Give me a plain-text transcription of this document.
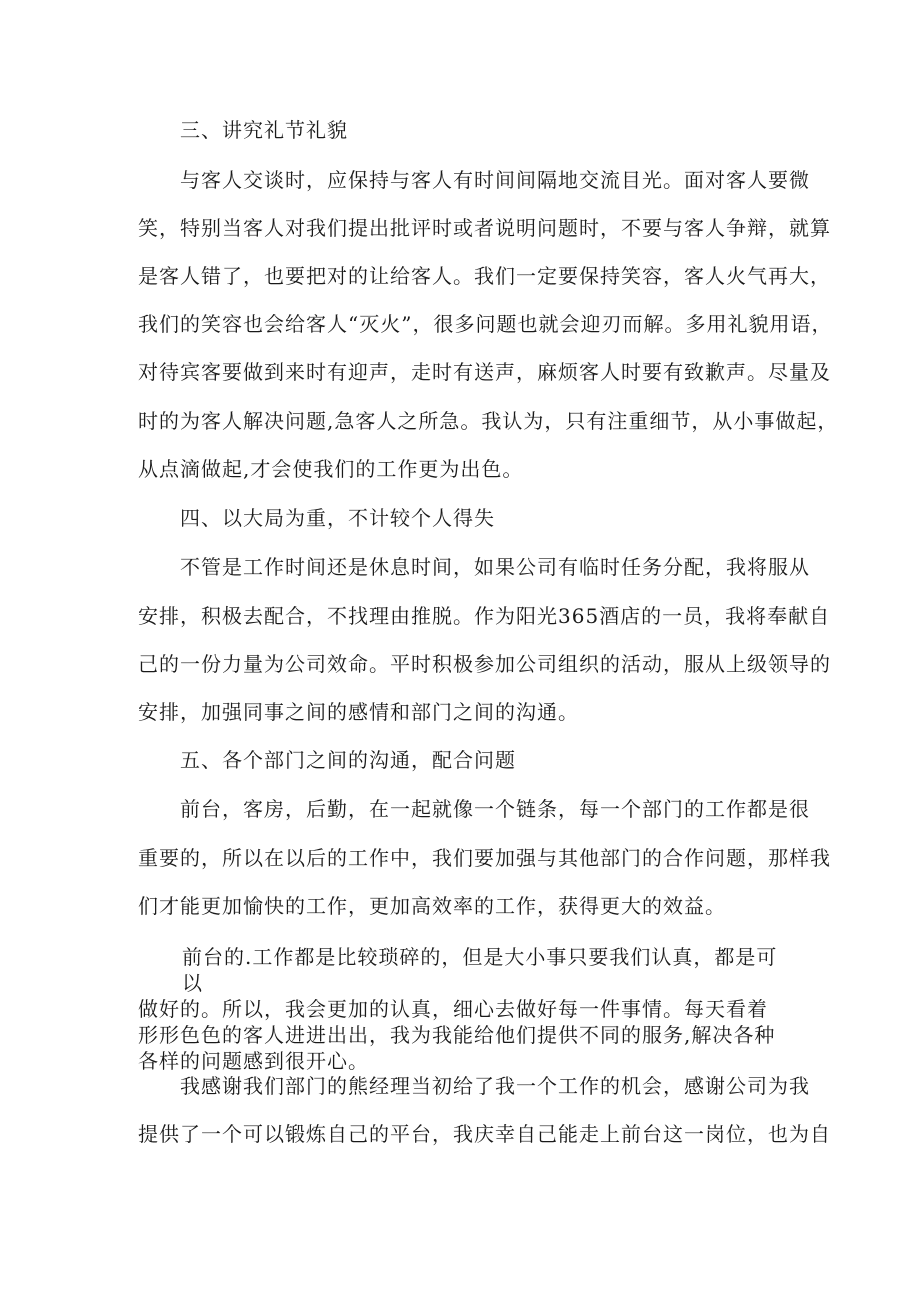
三、讲究礼节礼貌
与客人交谈时，应保持与客人有时间间隔地交流目光。面对客人要微
笑，特别当客人对我们提出批评时或者说明问题时，不要与客人争辩，就算
是客人错了，也要把对的让给客人。我们一定要保持笑容，客人火气再大，
我们的笑容也会给客人“灭火”，很多问题也就会迎刃而解。多用礼貌用语，
对待宾客要做到来时有迎声，走时有送声，麻烦客人时要有致歉声。尽量及
时的为客人解决问题,急客人之所急。我认为，只有注重细节，从小事做起，
从点滴做起,才会使我们的工作更为出色。
四、以大局为重，不计较个人得失
不管是工作时间还是休息时间，如果公司有临时任务分配，我将服从
安排，积极去配合，不找理由推脱。作为阳光365酒店的一员，我将奉献自
己的一份力量为公司效命。平时积极参加公司组织的活动，服从上级领导的
安排，加强同事之间的感情和部门之间的沟通。
五、各个部门之间的沟通，配合问题
前台，客房，后勤，在一起就像一个链条，每一个部门的工作都是很
重要的，所以在以后的工作中，我们要加强与其他部门的合作问题，那样我
们才能更加愉快的工作，更加高效率的工作，获得更大的效益。
前台的.工作都是比较琐碎的，但是大小事只要我们认真，都是可以
做好的。所以，我会更加的认真，细心去做好每一件事情。每天看着形形色色的客人进进出出，我为我能给他们提供不同的服务,解决各种各样的问题感到很开心。
我感谢我们部门的熊经理当初给了我一个工作的机会，感谢公司为我
提供了一个可以锻炼自己的平台，我庆幸自己能走上前台这一岗位，也为自
